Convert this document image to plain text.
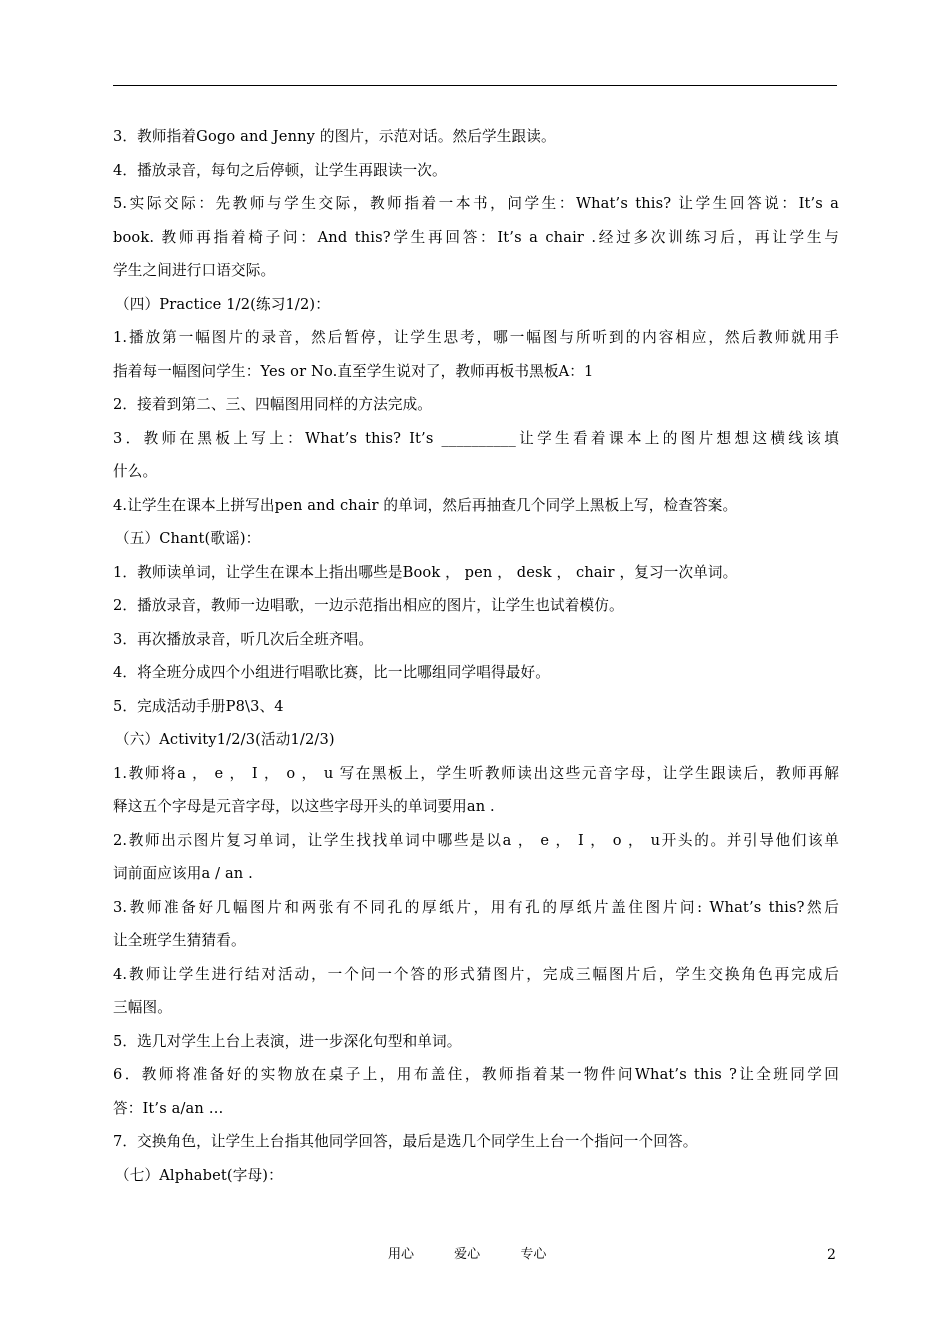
3．教师指着Gogo and Jenny 的图片，示范对话。然后学生跟读。
4．播放录音，每句之后停顿，让学生再跟读一次。
5.实际交际：先教师与学生交际，教师指着一本书，问学生：What’s this? 让学生回答说：It’s a
book. 教师再指着椅子问：And this?学生再回答：It’s a chair .经过多次训练习后，再让学生与
学生之间进行口语交际。
（四）Practice 1/2(练习1/2)：
1.播放第一幅图片的录音，然后暂停，让学生思考，哪一幅图与所听到的内容相应，然后教师就用手
指着每一幅图问学生：Yes or No.直至学生说对了，教师再板书黑板A：1
2．接着到第二、三、四幅图用同样的方法完成。
3．教师在黑板上写上：What’s this? It’s __________让学生看着课本上的图片想想这横线该填
什么。
4.让学生在课本上拼写出pen and chair 的单词，然后再抽查几个同学上黑板上写，检查答案。
（五）Chant(歌谣)：
1．教师读单词，让学生在课本上指出哪些是Book ， pen ， desk ， chair ，复习一次单词。
2．播放录音，教师一边唱歌，一边示范指出相应的图片，让学生也试着模仿。
3．再次播放录音，听几次后全班齐唱。
4．将全班分成四个小组进行唱歌比赛，比一比哪组同学唱得最好。
5．完成活动手册P8\3、4
（六）Activity1/2/3(活动1/2/3)
1.教师将a ， e ， I ， o ， u 写在黑板上，学生听教师读出这些元音字母，让学生跟读后，教师再解
释这五个字母是元音字母，以这些字母开头的单词要用an .
2.教师出示图片复习单词，让学生找找单词中哪些是以a ， e ， I ， o ， u开头的。并引导他们该单
词前面应该用a / an .
3.教师准备好几幅图片和两张有不同孔的厚纸片，用有孔的厚纸片盖住图片问: What’s this?然后
让全班学生猜猜看。
4.教师让学生进行结对活动，一个问一个答的形式猜图片，完成三幅图片后，学生交换角色再完成后
三幅图。
5．选几对学生上台上表演，进一步深化句型和单词。
6．教师将准备好的实物放在桌子上，用布盖住，教师指着某一物件问What’s this ?让全班同学回
答：It’s a/an …
7．交换角色，让学生上台指其他同学回答，最后是选几个同学生上台一个指问一个回答。
（七）Alphabet(字母)：
用心	爱心	专心	2
